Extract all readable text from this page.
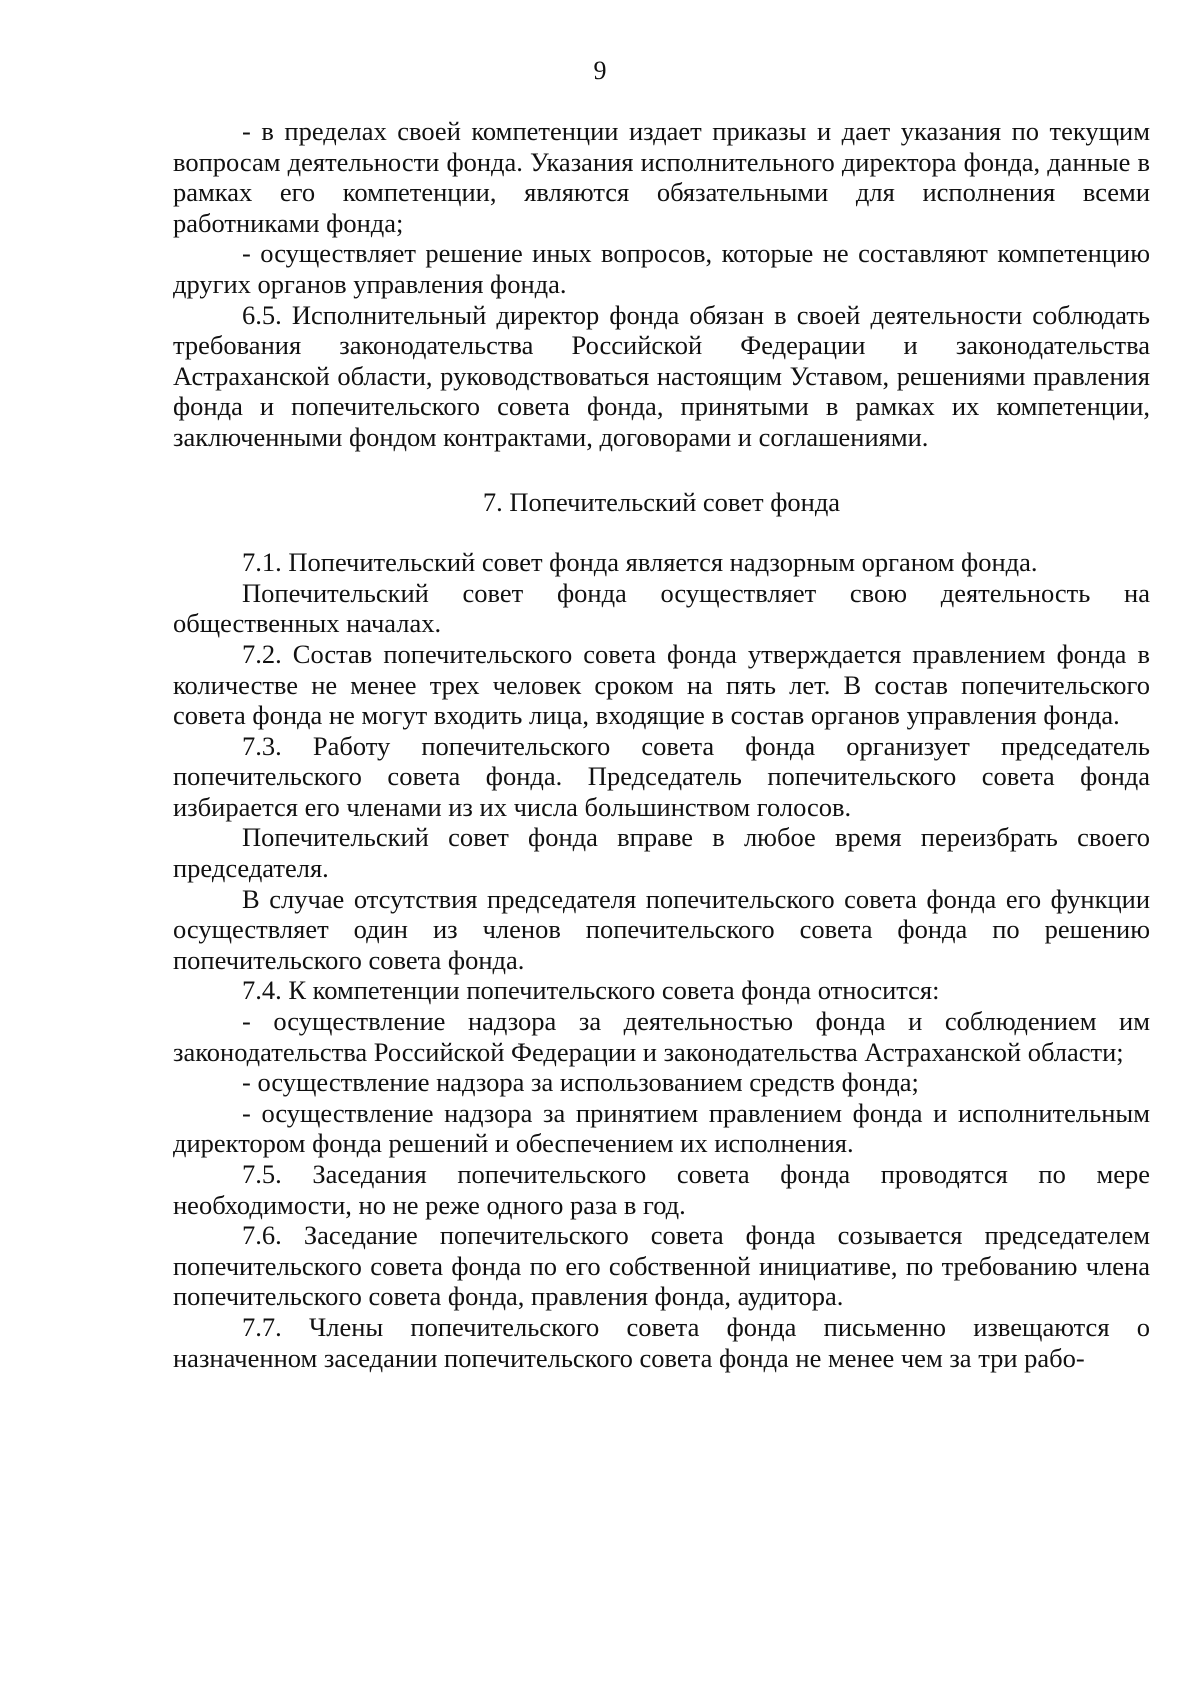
9

- в пределах своей компетенции издает приказы и дает указания по текущим вопросам деятельности фонда. Указания исполнительного директора фонда, данные в рамках его компетенции, являются обязательными для исполнения всеми работниками фонда;

- осуществляет решение иных вопросов, которые не составляют компетенцию других органов управления фонда.

6.5. Исполнительный директор фонда обязан в своей деятельности соблюдать требования законодательства Российской Федерации и законодательства Астраханской области, руководствоваться настоящим Уставом, решениями правления фонда и попечительского совета фонда, принятыми в рамках их компетенции, заключенными фондом контрактами, договорами и соглашениями.

7. Попечительский совет фонда

7.1. Попечительский совет фонда является надзорным органом фонда.

Попечительский совет фонда осуществляет свою деятельность на общественных началах.

7.2. Состав попечительского совета фонда утверждается правлением фонда в количестве не менее трех человек сроком на пять лет. В состав попечительского совета фонда не могут входить лица, входящие в состав органов управления фонда.

7.3. Работу попечительского совета фонда организует председатель попечительского совета фонда. Председатель попечительского совета фонда избирается его членами из их числа большинством голосов.

Попечительский совет фонда вправе в любое время переизбрать своего председателя.

В случае отсутствия председателя попечительского совета фонда его функции осуществляет один из членов попечительского совета фонда по решению попечительского совета фонда.

7.4. К компетенции попечительского совета фонда относится:

- осуществление надзора за деятельностью фонда и соблюдением им законодательства Российской Федерации и законодательства Астраханской области;

- осуществление надзора за использованием средств фонда;

- осуществление надзора за принятием правлением фонда и исполнительным директором фонда решений и обеспечением их исполнения.

7.5. Заседания попечительского совета фонда проводятся по мере необходимости, но не реже одного раза в год.

7.6. Заседание попечительского совета фонда созывается председателем попечительского совета фонда по его собственной инициативе, по требованию члена попечительского совета фонда, правления фонда, аудитора.

7.7. Члены попечительского совета фонда письменно извещаются о назначенном заседании попечительского совета фонда не менее чем за три рабо-
